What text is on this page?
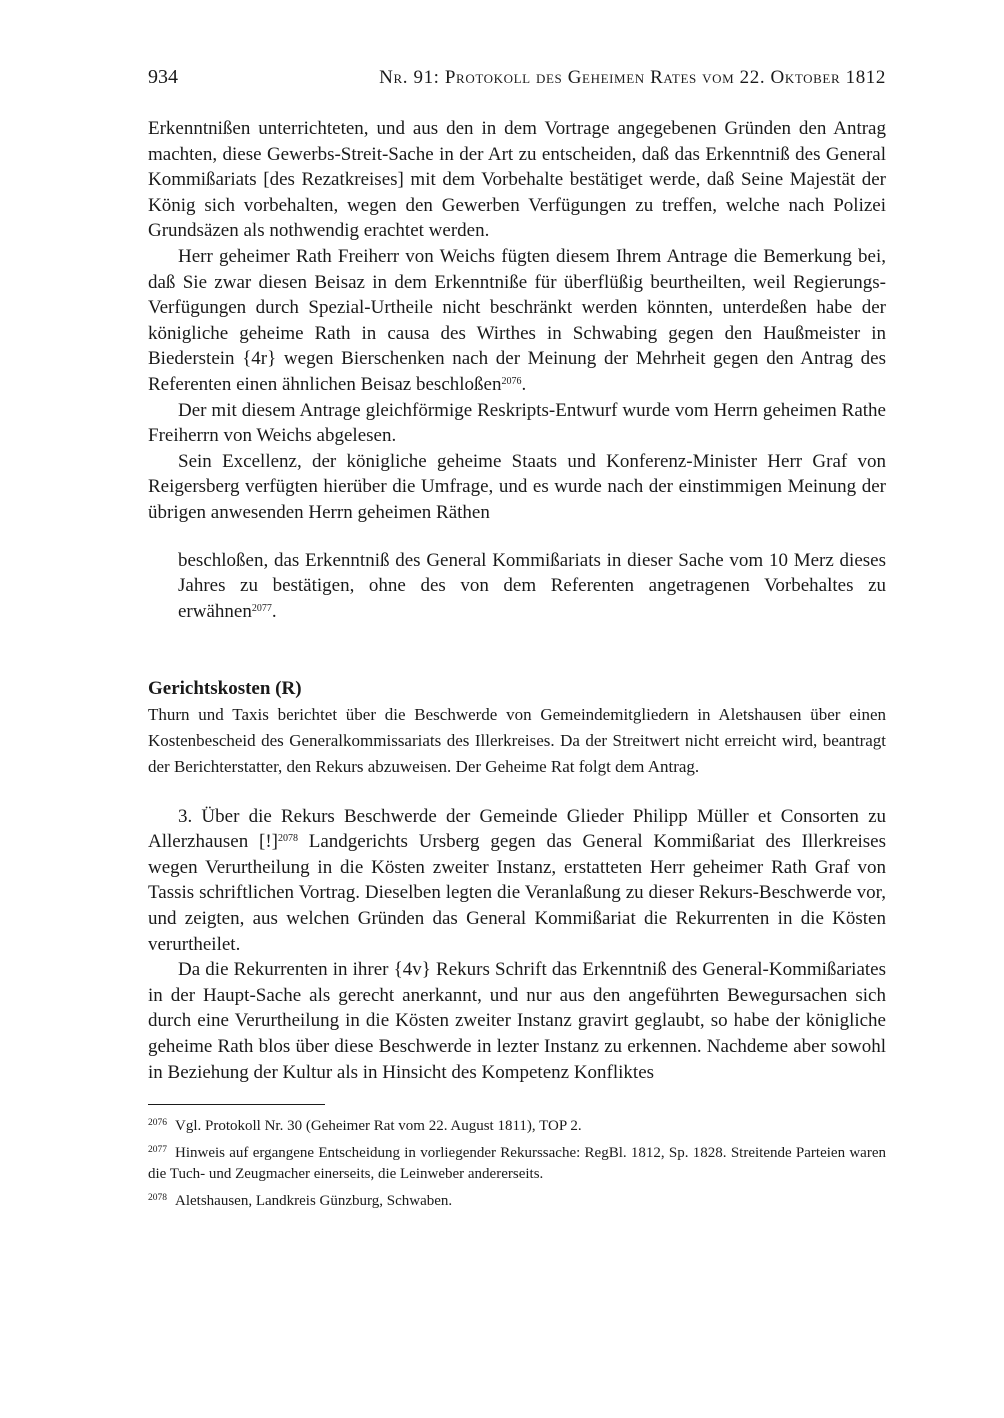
934	Nr. 91: Protokoll des Geheimen Rates vom 22. Oktober 1812

Erkenntnißen unterrichteten, und aus den in dem Vortrage angegebenen Gründen den Antrag machten, diese Gewerbs-Streit-Sache in der Art zu entscheiden, daß das Erkenntniß des General Kommißariats [des Rezatkreises] mit dem Vorbehalte bestätiget werde, daß Seine Majestät der König sich vorbehalten, wegen den Gewerben Verfügungen zu treffen, welche nach Polizei Grundsäzen als nothwendig erachtet werden.

Herr geheimer Rath Freiherr von Weichs fügten diesem Ihrem Antrage die Bemerkung bei, daß Sie zwar diesen Beisaz in dem Erkenntniße für überflüßig beurtheilten, weil Regierungs-Verfügungen durch Spezial-Urtheile nicht beschränkt werden könnten, unterdeßen habe der königliche geheime Rath in causa des Wirthes in Schwabing gegen den Haußmeister in Biederstein {4r} wegen Bierschenken nach der Meinung der Mehrheit gegen den Antrag des Referenten einen ähnlichen Beisaz beschloßen$^{2076}$.

Der mit diesem Antrage gleichförmige Reskripts-Entwurf wurde vom Herrn geheimen Rathe Freiherrn von Weichs abgelesen.

Sein Excellenz, der königliche geheime Staats und Konferenz-Minister Herr Graf von Reigersberg verfügten hierüber die Umfrage, und es wurde nach der einstimmigen Meinung der übrigen anwesenden Herrn geheimen Räthen

beschloßen, das Erkenntniß des General Kommißariats in dieser Sache vom 10 Merz dieses Jahres zu bestätigen, ohne des von dem Referenten angetragenen Vorbehaltes zu erwähnen$^{2077}$.

Gerichtskosten (R)

Thurn und Taxis berichtet über die Beschwerde von Gemeindemitgliedern in Aletshausen über einen Kostenbescheid des Generalkommissariats des Illerkreises. Da der Streitwert nicht erreicht wird, beantragt der Berichterstatter, den Rekurs abzuweisen. Der Geheime Rat folgt dem Antrag.

3. Über die Rekurs Beschwerde der Gemeinde Glieder Philipp Müller et Consorten zu Allerzhausen [!]$^{2078}$ Landgerichts Ursberg gegen das General Kommißariat des Illerkreises wegen Verurtheilung in die Kösten zweiter Instanz, erstatteten Herr geheimer Rath Graf von Tassis schriftlichen Vortrag. Dieselben legten die Veranlaßung zu dieser Rekurs-Beschwerde vor, und zeigten, aus welchen Gründen das General Kommißariat die Rekurrenten in die Kösten verurtheilet.

Da die Rekurrenten in ihrer {4v} Rekurs Schrift das Erkenntniß des General-Kommißariates in der Haupt-Sache als gerecht anerkannt, und nur aus den angeführten Bewegursachen sich durch eine Verurtheilung in die Kösten zweiter Instanz gravirt geglaubt, so habe der königliche geheime Rath blos über diese Beschwerde in lezter Instanz zu erkennen. Nachdeme aber sowohl in Beziehung der Kultur als in Hinsicht des Kompetenz Konfliktes

2076 Vgl. Protokoll Nr. 30 (Geheimer Rat vom 22. August 1811), TOP 2.

2077 Hinweis auf ergangene Entscheidung in vorliegender Rekurssache: RegBl. 1812, Sp. 1828. Streitende Parteien waren die Tuch- und Zeugmacher einerseits, die Leinweber andererseits.

2078 Aletshausen, Landkreis Günzburg, Schwaben.
